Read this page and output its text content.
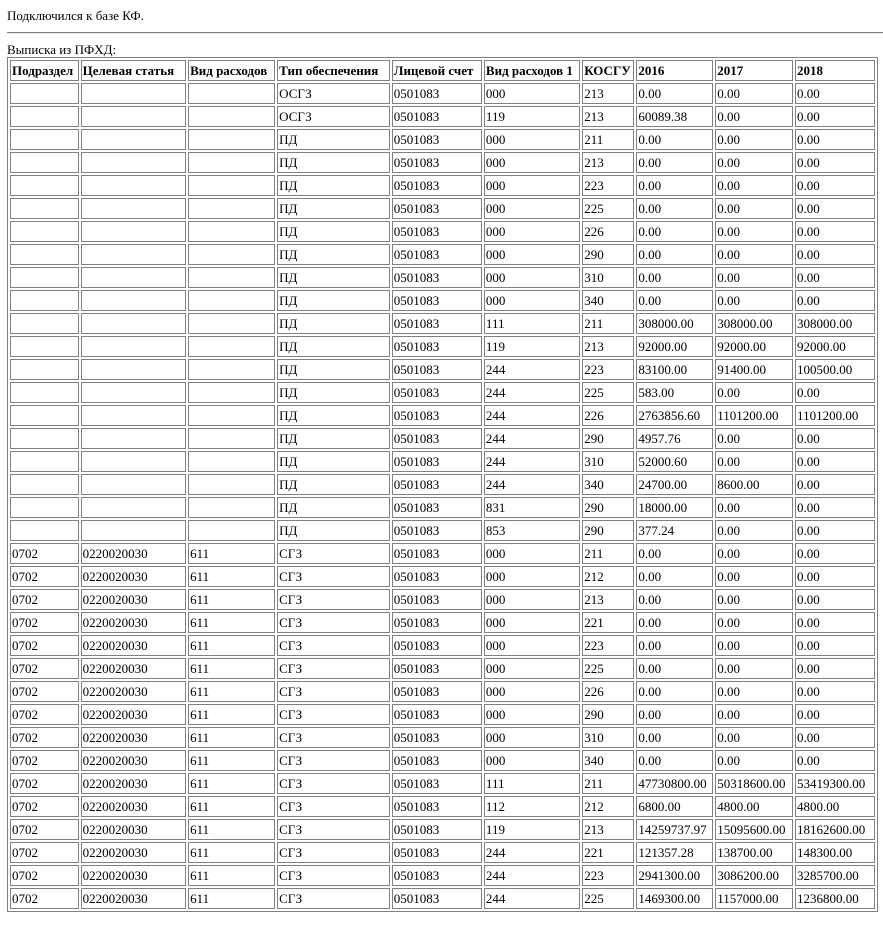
Подключился к базе КФ.
Выписка из ПФХД:
Подраздел	Целевая статья	Вид расходов	Тип обеспечения	Лицевой счет	Вид расходов 1	КОСГУ	2016	2017	2018
			ОСГЗ	0501083	000	213	0.00	0.00	0.00
			ОСГЗ	0501083	119	213	60089.38	0.00	0.00
			ПД	0501083	000	211	0.00	0.00	0.00
			ПД	0501083	000	213	0.00	0.00	0.00
			ПД	0501083	000	223	0.00	0.00	0.00
			ПД	0501083	000	225	0.00	0.00	0.00
			ПД	0501083	000	226	0.00	0.00	0.00
			ПД	0501083	000	290	0.00	0.00	0.00
			ПД	0501083	000	310	0.00	0.00	0.00
			ПД	0501083	000	340	0.00	0.00	0.00
			ПД	0501083	111	211	308000.00	308000.00	308000.00
			ПД	0501083	119	213	92000.00	92000.00	92000.00
			ПД	0501083	244	223	83100.00	91400.00	100500.00
			ПД	0501083	244	225	583.00	0.00	0.00
			ПД	0501083	244	226	2763856.60	1101200.00	1101200.00
			ПД	0501083	244	290	4957.76	0.00	0.00
			ПД	0501083	244	310	52000.60	0.00	0.00
			ПД	0501083	244	340	24700.00	8600.00	0.00
			ПД	0501083	831	290	18000.00	0.00	0.00
			ПД	0501083	853	290	377.24	0.00	0.00
0702	0220020030	611	СГЗ	0501083	000	211	0.00	0.00	0.00
0702	0220020030	611	СГЗ	0501083	000	212	0.00	0.00	0.00
0702	0220020030	611	СГЗ	0501083	000	213	0.00	0.00	0.00
0702	0220020030	611	СГЗ	0501083	000	221	0.00	0.00	0.00
0702	0220020030	611	СГЗ	0501083	000	223	0.00	0.00	0.00
0702	0220020030	611	СГЗ	0501083	000	225	0.00	0.00	0.00
0702	0220020030	611	СГЗ	0501083	000	226	0.00	0.00	0.00
0702	0220020030	611	СГЗ	0501083	000	290	0.00	0.00	0.00
0702	0220020030	611	СГЗ	0501083	000	310	0.00	0.00	0.00
0702	0220020030	611	СГЗ	0501083	000	340	0.00	0.00	0.00
0702	0220020030	611	СГЗ	0501083	111	211	47730800.00	50318600.00	53419300.00
0702	0220020030	611	СГЗ	0501083	112	212	6800.00	4800.00	4800.00
0702	0220020030	611	СГЗ	0501083	119	213	14259737.97	15095600.00	18162600.00
0702	0220020030	611	СГЗ	0501083	244	221	121357.28	138700.00	148300.00
0702	0220020030	611	СГЗ	0501083	244	223	2941300.00	3086200.00	3285700.00
0702	0220020030	611	СГЗ	0501083	244	225	1469300.00	1157000.00	1236800.00
